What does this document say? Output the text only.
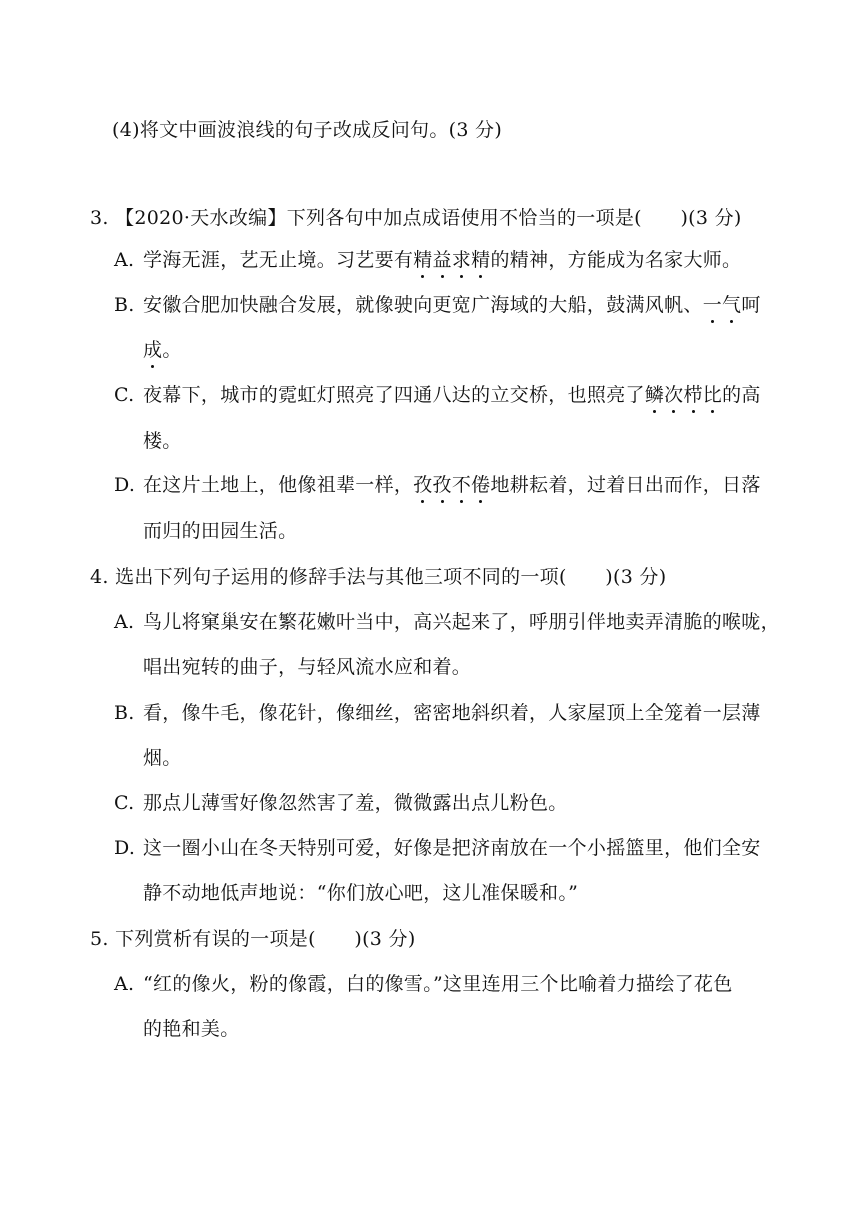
(4)将文中画波浪线的句子改成反问句。(3 分)
3. 【2020·天水改编】下列各句中加点成语使用不恰当的一项是(　　)(3 分)
A. 学海无涯，艺无止境。习艺要有精益求精的精神，方能成为名家大师。
B. 安徽合肥加快融合发展，就像驶向更宽广海域的大船，鼓满风帆、一气呵
成。
C. 夜幕下，城市的霓虹灯照亮了四通八达的立交桥，也照亮了鳞次栉比的高
楼。
D. 在这片土地上，他像祖辈一样，孜孜不倦地耕耘着，过着日出而作，日落
而归的田园生活。
4. 选出下列句子运用的修辞手法与其他三项不同的一项(　　)(3 分)
A. 鸟儿将窠巢安在繁花嫩叶当中，高兴起来了，呼朋引伴地卖弄清脆的喉咙，
唱出宛转的曲子，与轻风流水应和着。
B. 看，像牛毛，像花针，像细丝，密密地斜织着，人家屋顶上全笼着一层薄
烟。
C. 那点儿薄雪好像忽然害了羞，微微露出点儿粉色。
D. 这一圈小山在冬天特别可爱，好像是把济南放在一个小摇篮里，他们全安
静不动地低声地说：“你们放心吧，这儿准保暖和。”
5. 下列赏析有误的一项是(　　)(3 分)
A. “红的像火，粉的像霞，白的像雪。”这里连用三个比喻着力描绘了花色
的艳和美。
